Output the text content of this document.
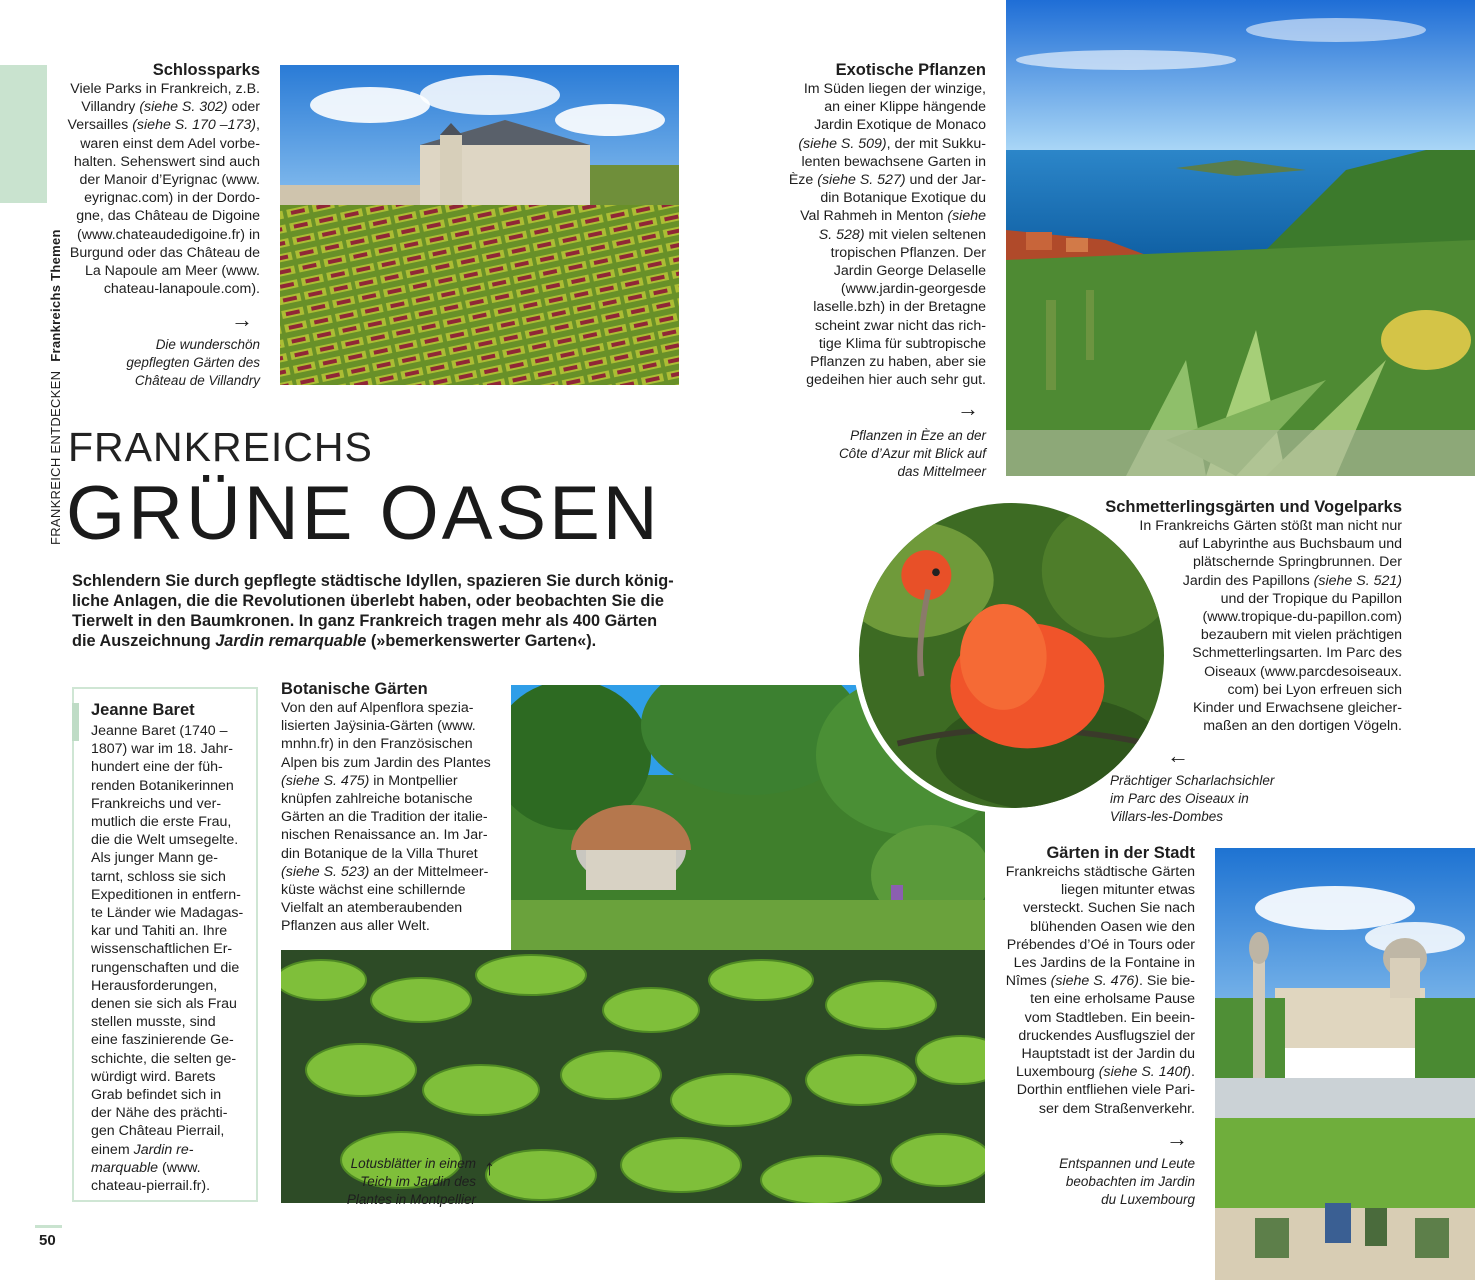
FRANKREICH ENTDECKEN Frankreichs Themen
50

Schlossparks

Viele Parks in Frankreich, z.B.
Villandry (siehe S. 302) oder
Versailles (siehe S. 170 –173),
waren einst dem Adel vorbe-
halten. Sehenswert sind auch
der Manoir d’Eyrignac (www.
eyrignac.com) in der Dordo-
gne, das Château de Digoine
(www.chateaudedigoine.fr) in
Burgund oder das Château de
La Napoule am Meer (www.
chateau-lanapoule.com).
→
Die wunderschön
gepflegten Gärten des
Château de Villandry

Exotische Pflanzen

Im Süden liegen der winzige,
an einer Klippe hängende
Jardin Exotique de Monaco
(siehe S. 509), der mit Sukku-
lenten bewachsene Garten in
Èze (siehe S. 527) und der Jar-
din Botanique Exotique du
Val Rahmeh in Menton (siehe
S. 528) mit vielen seltenen
tropischen Pflanzen. Der
Jardin George Delaselle
(www.jardin-georgesde
laselle.bzh) in der Bretagne
scheint zwar nicht das rich-
tige Klima für subtropische
Pflanzen zu haben, aber sie
gedeihen hier auch sehr gut.
→
Pflanzen in Èze an der
Côte d’Azur mit Blick auf
das Mittelmeer
FRANKREICHS
GRÜNE OASEN
Schlendern Sie durch gepflegte städtische Idyllen, spazieren Sie durch könig-
liche Anlagen, die die Revolutionen überlebt haben, oder beobachten Sie die
Tierwelt in den Baumkronen. In ganz Frankreich tragen mehr als 400 Gärten
die Auszeichnung Jardin remarquable (»bemerkenswerter Garten«).

Jeanne Baret

Jeanne Baret (1740 –
1807) war im 18. Jahr-
hundert eine der füh-
renden Botanikerinnen
Frankreichs und ver-
mutlich die erste Frau,
die die Welt umsegelte.
Als junger Mann ge-
tarnt, schloss sie sich
Expeditionen in entfern-
te Länder wie Madagas-
kar und Tahiti an. Ihre
wissenschaftlichen Er-
rungenschaften und die
Herausforderungen,
denen sie sich als Frau
stellen musste, sind
eine faszinierende Ge-
schichte, die selten ge-
würdigt wird. Barets
Grab befindet sich in
der Nähe des prächti-
gen Château Pierrail,
einem Jardin re-
marquable (www.
chateau-pierrail.fr).

Botanische Gärten

Von den auf Alpenflora spezia-
lisierten Jaÿsinia-Gärten (www.
mnhn.fr) in den Französischen
Alpen bis zum Jardin des Plantes
(siehe S. 475) in Montpellier
knüpfen zahlreiche botanische
Gärten an die Tradition der italie-
nischen Renaissance an. Im Jar-
din Botanique de la Villa Thuret
(siehe S. 523) an der Mittelmeer-
küste wächst eine schillernde
Vielfalt an atemberaubenden
Pflanzen aus aller Welt.
Lotusblätter in einem
Teich im Jardin des
Plantes in Montpellier
↑

Schmetterlingsgärten und Vogelparks

In Frankreichs Gärten stößt man nicht nur
auf Labyrinthe aus Buchsbaum und
plätschernde Springbrunnen. Der
Jardin des Papillons (siehe S. 521)
und der Tropique du Papillon
(www.tropique-du-papillon.com)
bezaubern mit vielen prächtigen
Schmetterlingsarten. Im Parc des
Oiseaux (www.parcdesoiseaux.
com) bei Lyon erfreuen sich
Kinder und Erwachsene gleicher-
maßen an den dortigen Vögeln.
←
Prächtiger Scharlachsichler
im Parc des Oiseaux in
Villars-les-Dombes

Gärten in der Stadt

Frankreichs städtische Gärten
liegen mitunter etwas
versteckt. Suchen Sie nach
blühenden Oasen wie den
Prébendes d’Oé in Tours oder
Les Jardins de la Fontaine in
Nîmes (siehe S. 476). Sie bie-
ten eine erholsame Pause
vom Stadtleben. Ein beein-
druckendes Ausflugsziel der
Hauptstadt ist der Jardin du
Luxembourg (siehe S. 140f).
Dorthin entfliehen viele Pari-
ser dem Straßenverkehr.
→
Entspannen und Leute
beobachten im Jardin
du Luxembourg
